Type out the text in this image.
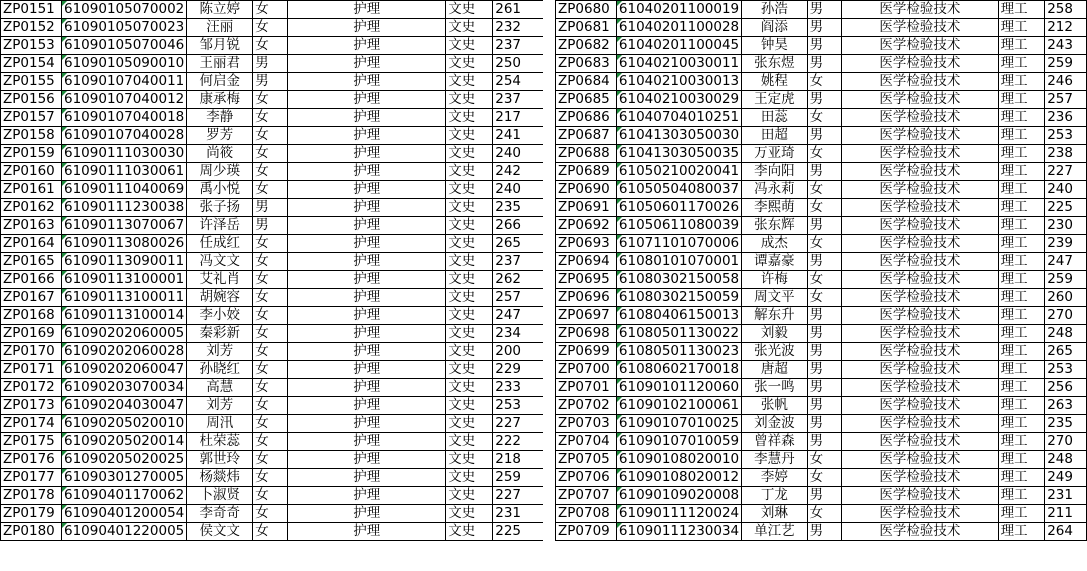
ZP0151	61090105070002	陈立婷	女	护理	文史	261
ZP0152	61090105070023	汪丽	女	护理	文史	232
ZP0153	61090105070046	邹月锐	女	护理	文史	237
ZP0154	61090105090010	王丽君	男	护理	文史	250
ZP0155	61090107040011	何启金	男	护理	文史	254
ZP0156	61090107040012	康承梅	女	护理	文史	237
ZP0157	61090107040018	李静	女	护理	文史	217
ZP0158	61090107040028	罗芳	女	护理	文史	241
ZP0159	61090111030030	尚筱	女	护理	文史	240
ZP0160	61090111030061	周少瑛	女	护理	文史	242
ZP0161	61090111040069	禹小悦	女	护理	文史	240
ZP0162	61090111230038	张子扬	男	护理	文史	235
ZP0163	61090113070067	许泽岳	男	护理	文史	266
ZP0164	61090113080026	任成红	女	护理	文史	265
ZP0165	61090113090011	冯文文	女	护理	文史	237
ZP0166	61090113100001	艾礼肖	女	护理	文史	262
ZP0167	61090113100011	胡婉容	女	护理	文史	257
ZP0168	61090113100014	李小姣	女	护理	文史	247
ZP0169	61090202060005	秦彩新	女	护理	文史	234
ZP0170	61090202060028	刘芳	女	护理	文史	200
ZP0171	61090202060047	孙晓红	女	护理	文史	229
ZP0172	61090203070034	高慧	女	护理	文史	233
ZP0173	61090204030047	刘芳	女	护理	文史	253
ZP0174	61090205020010	周汛	女	护理	文史	227
ZP0175	61090205020014	杜荣蕊	女	护理	文史	222
ZP0176	61090205020025	郭世玲	女	护理	文史	218
ZP0177	61090301270005	杨燚炜	女	护理	文史	259
ZP0178	61090401170062	卜淑贤	女	护理	文史	227
ZP0179	61090401200054	李奇奇	女	护理	文史	231
ZP0180	61090401220005	侯文文	女	护理	文史	225
ZP0680	61040201100019	孙浩	男	医学检验技术	理工	258
ZP0681	61040201100028	阎添	男	医学检验技术	理工	212
ZP0682	61040201100045	钟昊	男	医学检验技术	理工	243
ZP0683	61040210030011	张东煜	男	医学检验技术	理工	259
ZP0684	61040210030013	姚程	女	医学检验技术	理工	246
ZP0685	61040210030029	王定虎	男	医学检验技术	理工	257
ZP0686	61040704010251	田蕊	女	医学检验技术	理工	236
ZP0687	61041303050030	田超	男	医学检验技术	理工	253
ZP0688	61041303050035	万亚琦	女	医学检验技术	理工	238
ZP0689	61050210020041	李向阳	男	医学检验技术	理工	227
ZP0690	61050504080037	冯永莉	女	医学检验技术	理工	240
ZP0691	61050601170026	李熙萌	女	医学检验技术	理工	225
ZP0692	61050611080039	张东辉	男	医学检验技术	理工	230
ZP0693	61071101070006	成杰	女	医学检验技术	理工	239
ZP0694	61080101070001	谭嘉豪	男	医学检验技术	理工	247
ZP0695	61080302150058	许梅	女	医学检验技术	理工	259
ZP0696	61080302150059	周文平	女	医学检验技术	理工	260
ZP0697	61080406150013	解东升	男	医学检验技术	理工	270
ZP0698	61080501130022	刘毅	男	医学检验技术	理工	248
ZP0699	61080501130023	张光波	男	医学检验技术	理工	265
ZP0700	61080602170018	唐超	男	医学检验技术	理工	253
ZP0701	61090101120060	张一鸣	男	医学检验技术	理工	256
ZP0702	61090102100061	张帆	男	医学检验技术	理工	263
ZP0703	61090107010025	刘金波	男	医学检验技术	理工	235
ZP0704	61090107010059	曾祥森	男	医学检验技术	理工	270
ZP0705	61090108020010	李慧丹	女	医学检验技术	理工	248
ZP0706	61090108020012	李婷	女	医学检验技术	理工	249
ZP0707	61090109020008	丁龙	男	医学检验技术	理工	231
ZP0708	61090111120024	刘琳	女	医学检验技术	理工	211
ZP0709	61090111230034	单江艺	男	医学检验技术	理工	264
